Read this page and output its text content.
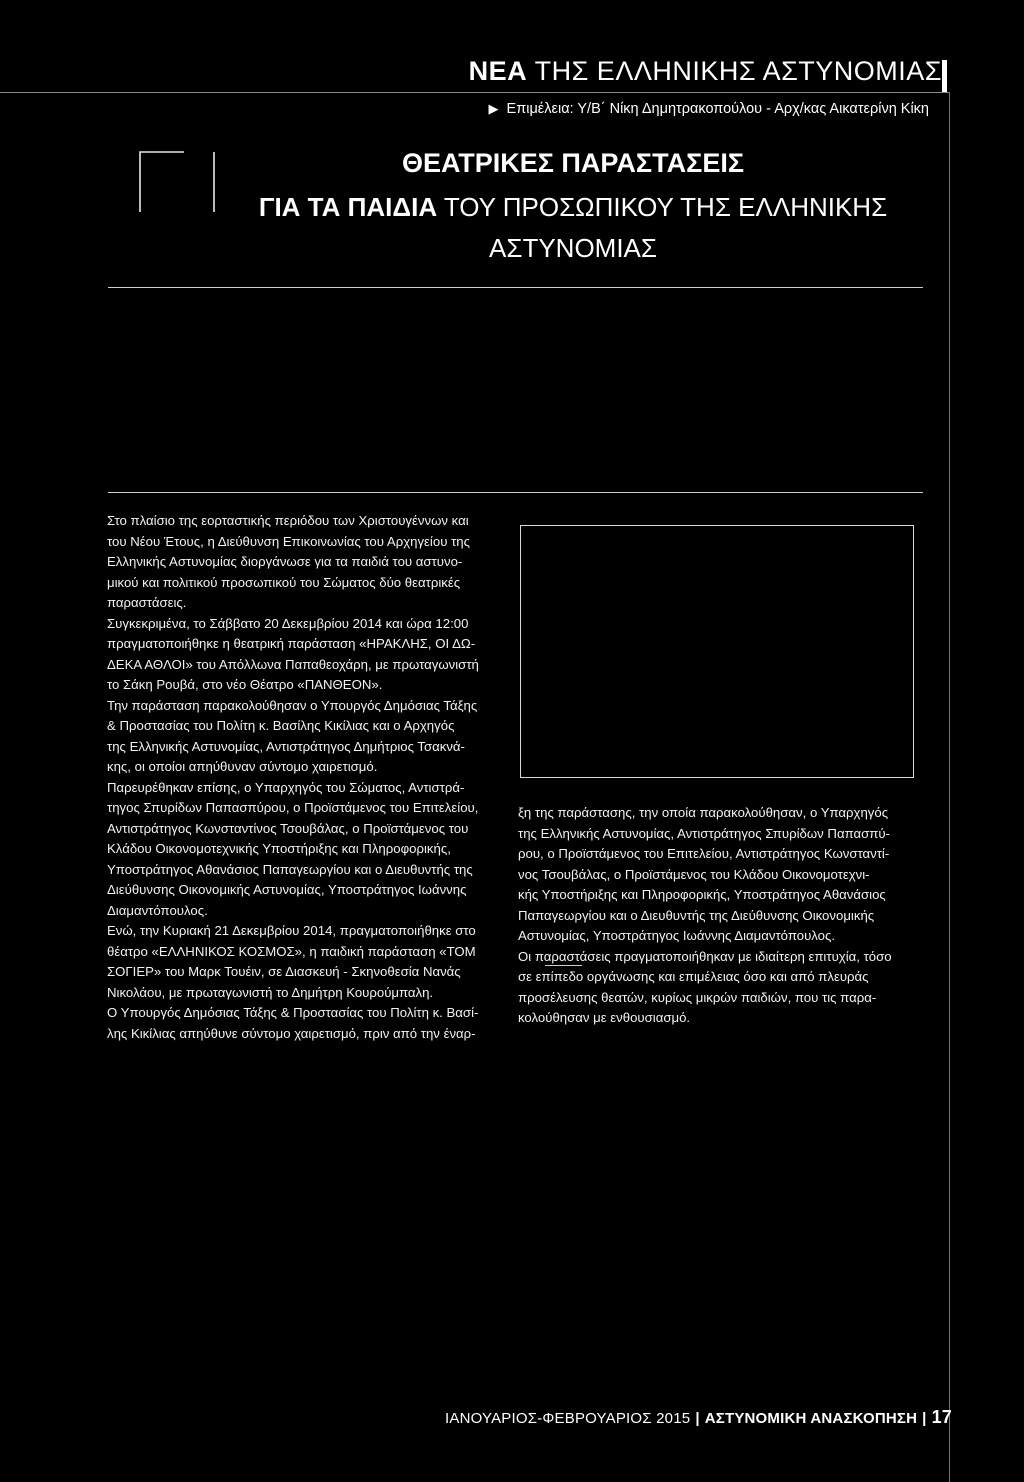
ΝΕΑ ΤΗΣ ΕΛΛΗΝΙΚΗΣ ΑΣΤΥΝΟΜΙΑΣ
▶ Επιμέλεια: Υ/Β΄ Νίκη Δημητρακοπούλου - Αρχ/κας Αικατερίνη Κίκη
ΘΕΑΤΡΙΚΕΣ ΠΑΡΑΣΤΑΣΕΙΣ
ΓΙΑ ΤΑ ΠΑΙΔΙΑ ΤΟΥ ΠΡΟΣΩΠΙΚΟΥ ΤΗΣ ΕΛΛΗΝΙΚΗΣ
ΑΣΤΥΝΟΜΙΑΣ

Στο πλαίσιο της εορταστικής περιόδου των Χριστουγέννων και

του Νέου Έτους, η Διεύθυνση Επικοινωνίας του Αρχηγείου της

Ελληνικής Αστυνομίας διοργάνωσε για τα παιδιά του αστυνο-

μικού και πολιτικού προσωπικού του Σώματος δύο θεατρικές

παραστάσεις.

Συγκεκριμένα, το Σάββατο 20 Δεκεμβρίου 2014 και ώρα 12:00

πραγματοποιήθηκε η θεατρική παράσταση «ΗΡΑΚΛΗΣ, ΟΙ ΔΩ-

ΔΕΚΑ ΑΘΛΟΙ» του Απόλλωνα Παπαθεοχάρη, με πρωταγωνιστή

το Σάκη Ρουβά, στο νέο Θέατρο «ΠΑΝΘΕΟΝ».

Την παράσταση παρακολούθησαν ο Υπουργός Δημόσιας Τάξης

& Προστασίας του Πολίτη κ. Βασίλης Κικίλιας και ο Αρχηγός

της Ελληνικής Αστυνομίας, Αντιστράτηγος Δημήτριος Τσακνά-

κης, οι οποίοι απηύθυναν σύντομο χαιρετισμό.

Παρευρέθηκαν επίσης, ο Υπαρχηγός του Σώματος, Αντιστρά-

τηγος Σπυρίδων Παπασπύρου, ο Προϊστάμενος του Επιτελείου,

Αντιστράτηγος Κωνσταντίνος Τσουβάλας, ο Προϊστάμενος του

Κλάδου Οικονομοτεχνικής Υποστήριξης και Πληροφορικής,

Υποστράτηγος Αθανάσιος Παπαγεωργίου και ο Διευθυντής της

Διεύθυνσης Οικονομικής Αστυνομίας, Υποστράτηγος Ιωάννης

Διαμαντόπουλος.

Ενώ, την Κυριακή 21 Δεκεμβρίου 2014, πραγματοποιήθηκε στο

θέατρο «ΕΛΛΗΝΙΚΟΣ ΚΟΣΜΟΣ», η παιδική παράσταση «ΤΟΜ

ΣΟΓΙΕΡ» του Μαρκ Τουέιν, σε Διασκευή - Σκηνοθεσία Νανάς

Νικολάου, με πρωταγωνιστή το Δημήτρη Κουρούμπαλη.

Ο Υπουργός Δημόσιας Τάξης & Προστασίας του Πολίτη κ. Βασί-

λης Κικίλιας απηύθυνε σύντομο χαιρετισμό, πριν από την έναρ-

ξη της παράστασης, την οποία παρακολούθησαν, ο Υπαρχηγός

της Ελληνικής Αστυνομίας, Αντιστράτηγος Σπυρίδων Παπασπύ-

ρου, ο Προϊστάμενος του Επιτελείου, Αντιστράτηγος Κωνσταντί-

νος Τσουβάλας, ο Προϊστάμενος του Κλάδου Οικονομοτεχνι-

κής Υποστήριξης και Πληροφορικής, Υποστράτηγος Αθανάσιος

Παπαγεωργίου και ο Διευθυντής της Διεύθυνσης Οικονομικής

Αστυνομίας, Υποστράτηγος Ιωάννης Διαμαντόπουλος.

Οι παραστάσεις πραγματοποιήθηκαν με ιδιαίτερη επιτυχία, τόσο

σε επίπεδο οργάνωσης και επιμέλειας όσο και από πλευράς

προσέλευσης θεατών, κυρίως μικρών παιδιών, που τις παρα-

κολούθησαν με ενθουσιασμό.

ΙΑΝΟΥΑΡΙΟΣ-ΦΕΒΡΟΥΑΡΙΟΣ 2015 | ΑΣΤΥΝΟΜΙΚΗ ΑΝΑΣΚΟΠΗΣΗ | 17
